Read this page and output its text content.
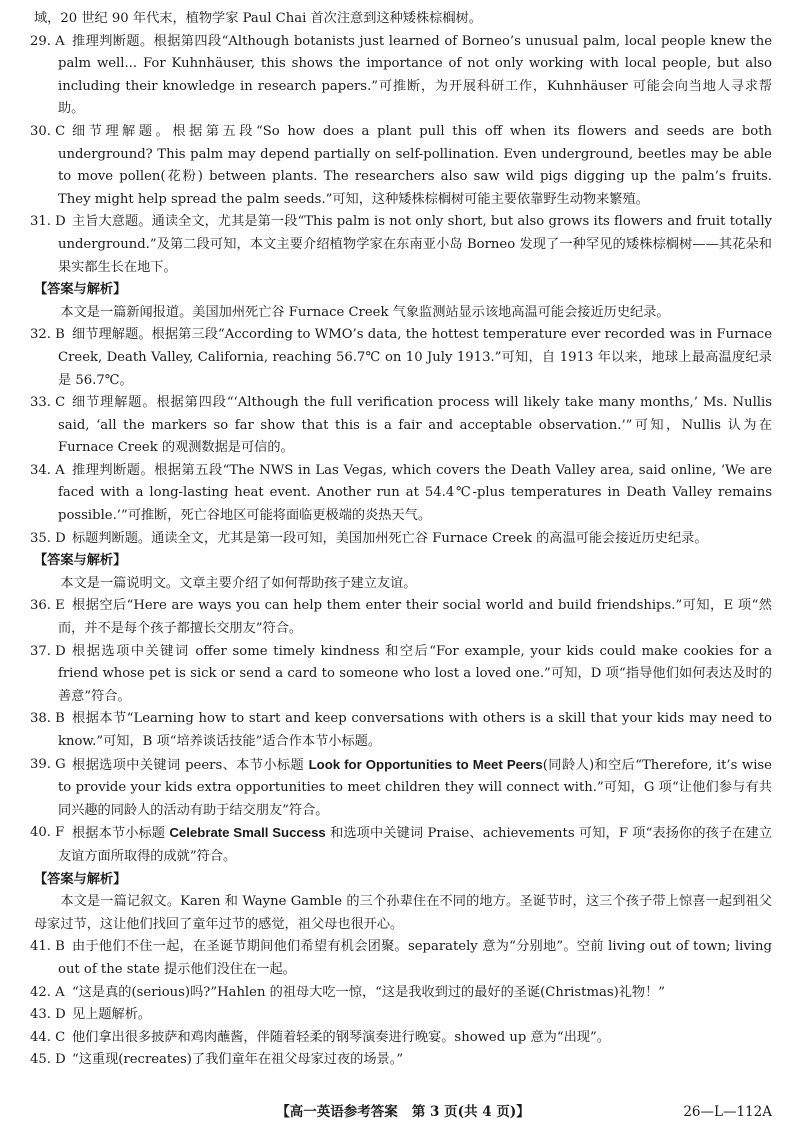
域，20 世纪 90 年代末，植物学家 Paul Chai 首次注意到这种矮株棕榈树。

29. A 推理判断题。根据第四段“Although botanists just learned of Borneo’s unusual palm, local people knew the palm well... For Kuhnhäuser, this shows the importance of not only working with local people, but also including their knowledge in research papers.”可推断，为开展科研工作，Kuhnhäuser 可能会向当地人寻求帮助。

30. C 细节理解题。根据第五段“So how does a plant pull this off when its flowers and seeds are both underground? This palm may depend partially on self-pollination. Even underground, beetles may be able to move pollen(花粉) between plants. The researchers also saw wild pigs digging up the palm’s fruits. They might help spread the palm seeds.”可知，这种矮株棕榈树可能主要依靠野生动物来繁殖。

31. D 主旨大意题。通读全文，尤其是第一段“This palm is not only short, but also grows its flowers and fruit totally underground.”及第二段可知，本文主要介绍植物学家在东南亚小岛 Borneo 发现了一种罕见的矮株棕榈树——其花朵和果实都生长在地下。

【答案与解析】

本文是一篇新闻报道。美国加州死亡谷 Furnace Creek 气象监测站显示该地高温可能会接近历史纪录。

32. B 细节理解题。根据第三段“According to WMO’s data, the hottest temperature ever recorded was in Furnace Creek, Death Valley, California, reaching 56.7℃ on 10 July 1913.”可知，自 1913 年以来，地球上最高温度纪录是 56.7℃。

33. C 细节理解题。根据第四段“‘Although the full verification process will likely take many months,’ Ms. Nullis said, ‘all the markers so far show that this is a fair and acceptable observation.’”可知，Nullis 认为在 Furnace Creek 的观测数据是可信的。

34. A 推理判断题。根据第五段“The NWS in Las Vegas, which covers the Death Valley area, said online, ‘We are faced with a long-lasting heat event. Another run at 54.4℃-plus temperatures in Death Valley remains possible.’”可推断，死亡谷地区可能将面临更极端的炎热天气。

35. D 标题判断题。通读全文，尤其是第一段可知，美国加州死亡谷 Furnace Creek 的高温可能会接近历史纪录。

【答案与解析】

本文是一篇说明文。文章主要介绍了如何帮助孩子建立友谊。

36. E 根据空后“Here are ways you can help them enter their social world and build friendships.”可知，E 项“然而，并不是每个孩子都擅长交朋友”符合。

37. D 根据选项中关键词 offer some timely kindness 和空后“For example, your kids could make cookies for a friend whose pet is sick or send a card to someone who lost a loved one.”可知，D 项“指导他们如何表达及时的善意”符合。

38. B 根据本节“Learning how to start and keep conversations with others is a skill that your kids may need to know.”可知，B 项“培养谈话技能”适合作本节小标题。

39. G 根据选项中关键词 peers、本节小标题 Look for Opportunities to Meet Peers(同龄人)和空后“Therefore, it’s wise to provide your kids extra opportunities to meet children they will connect with.”可知，G 项“让他们参与有共同兴趣的同龄人的活动有助于结交朋友”符合。

40. F 根据本节小标题 Celebrate Small Success 和选项中关键词 Praise、achievements 可知，F 项“表扬你的孩子在建立友谊方面所取得的成就”符合。

【答案与解析】

本文是一篇记叙文。Karen 和 Wayne Gamble 的三个孙辈住在不同的地方。圣诞节时，这三个孩子带上惊喜一起到祖父母家过节，这让他们找回了童年过节的感觉，祖父母也很开心。

41. B 由于他们不住一起，在圣诞节期间他们希望有机会团聚。separately 意为“分别地”。空前 living out of town; living out of the state 提示他们没住在一起。

42. A “这是真的(serious)吗?”Hahlen 的祖母大吃一惊，“这是我收到过的最好的圣诞(Christmas)礼物！”

43. D 见上题解析。

44. C 他们拿出很多披萨和鸡肉蘸酱，伴随着轻柔的钢琴演奏进行晚宴。showed up 意为“出现”。

45. D “这重现(recreates)了我们童年在祖父母家过夜的场景。”

【高一英语参考答案 第 3 页(共 4 页)】	26—L—112A
